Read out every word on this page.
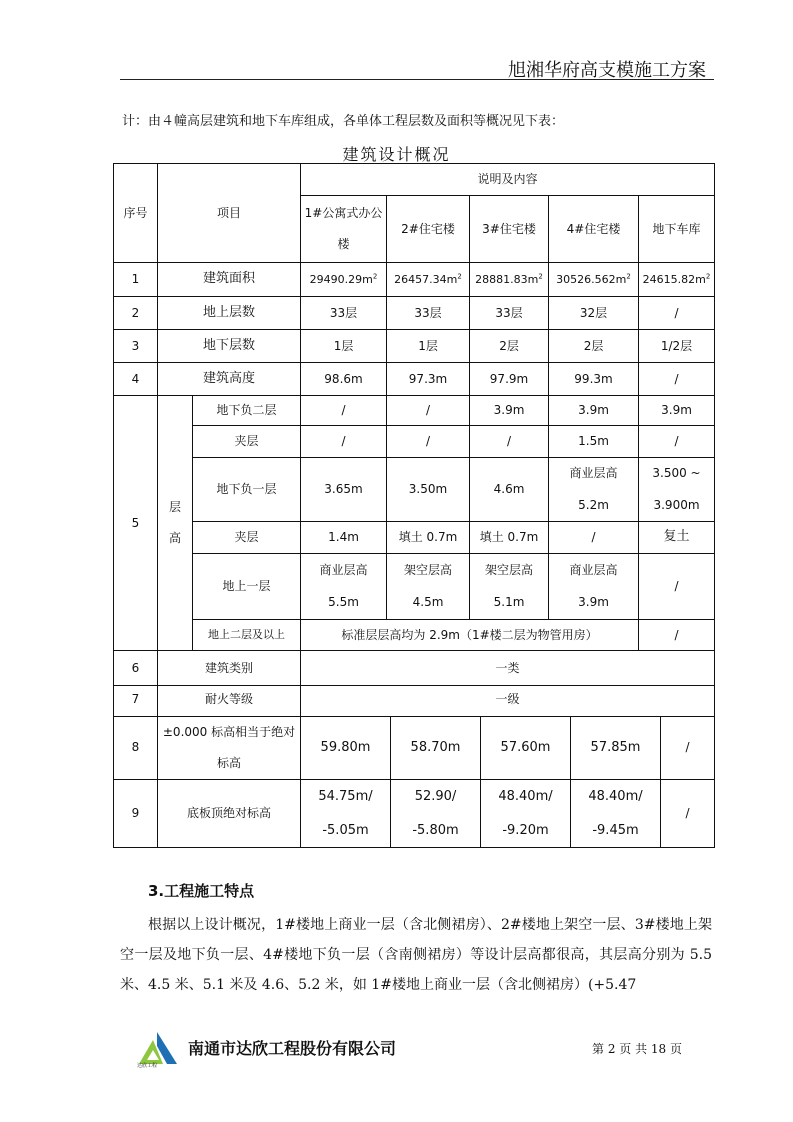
旭湘华府高支模施工方案
计：由４幢高层建筑和地下车库组成，各单体工程层数及面积等概况见下表：
建筑设计概况
序号	项目		说明及内容				
			1#公寓式办公楼	2#住宅楼	3#住宅楼	4#住宅楼	地下车库
1	建筑面积		$29490.29m^2$	$26457.34m^2$	$28881.83m^2$	$30526.562m^2$	$24615.82m^2$
2	地上层数		33层	33层	33层	32层	/
3	地下层数		1层	1层	2层	2层	1/2层
4	建筑高度		98.6m	97.3m	97.9m	99.3m	/
5	层高	地下负二层	/	/	3.9m	3.9m	3.9m
		夹层	/	/	/	1.5m	/
		地下负一层	3.65m	3.50m	4.6m	商业层高 5.2m	3.500 ~ 3.900m
		夹层	1.4m	填土 0.7m	填土 0.7m	/	复土
		地上一层	商业层高 5.5m	架空层高 4.5m	架空层高 5.1m	商业层高 3.9m	/
		地上二层及以上	标准层层高均为 2.9m（1#楼二层为物管用房）				/
6	建筑类别		一类				
7	耐火等级	一级				
8	±0.000 标高相当于绝对标高	59.80m	58.70m	57.60m	57.85m	/
9	底板顶绝对标高	54.75m/ -5.05m	52.90/ -5.80m	48.40m/ -9.20m	48.40m/ -9.45m	/
3.工程施工特点
根据以上设计概况，1#楼地上商业一层（含北侧裙房）、2#楼地上架空一层、3#楼地上架空一层及地下负一层、4#楼地下负一层（含南侧裙房）等设计层高都很高，其层高分别为 5.5 米、4.5 米、5.1 米及 4.6、5.2 米，如 1#楼地上商业一层（含北侧裙房）(+5.47
达欣工程
南通市达欣工程股份有限公司	第 2 页 共 18 页
